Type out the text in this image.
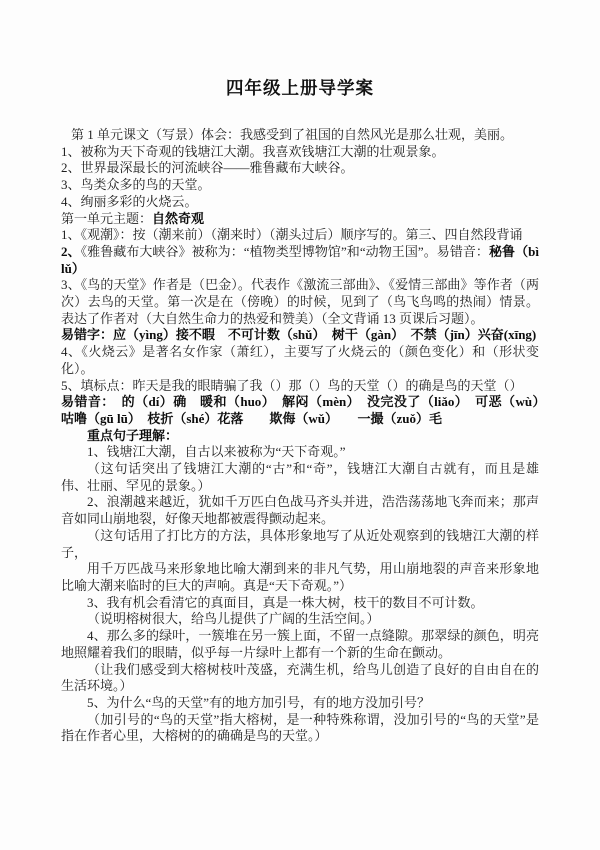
四年级上册导学案

第 1 单元课文（写景）体会：我感受到了祖国的自然风光是那么壮观，美丽。

1、被称为天下奇观的钱塘江大潮。我喜欢钱塘江大潮的壮观景象。

2、世界最深最长的河流峡谷——雅鲁藏布大峡谷。

3、鸟类众多的鸟的天堂。

4、绚丽多彩的火烧云。

第一单元主题：自然奇观

1、《观潮》：按（潮来前）（潮来时）（潮头过后）顺序写的。第三、四自然段背诵

2、《雅鲁藏布大峡谷》被称为：“植物类型博物馆”和“动物王国”。易错音：秘鲁（bì lǔ）

3、《鸟的天堂》作者是（巴金）。代表作《激流三部曲》、《爱情三部曲》等作者（两次）去鸟的天堂。第一次是在（傍晚）的时候，见到了（鸟飞鸟鸣的热闹）情景。表达了作者对（大自然生命力的热爱和赞美）（全文背诵 13 页课后习题）。

易错字：应（yìng）接不暇　不可计数（shǔ）　树干（gàn）　不禁（jīn）兴奋(xīng)

4、《火烧云》是著名女作家（萧红），主要写了火烧云的（颜色变化）和（形状变化）。

5、填标点：昨天是我的眼睛骗了我（）那（）鸟的天堂（）的确是鸟的天堂（）

易错音：　的（dí）确　暖和（huo）　解闷（mèn）　没完没了（liǎo）　可恶（wù）　咕噜（gū lū）　枝折（shé）花落　　欺侮（wǔ）　　一撮（zuǒ）毛

重点句子理解：

1、钱塘江大潮，自古以来被称为“天下奇观。”

（这句话突出了钱塘江大潮的“古”和“奇”，钱塘江大潮自古就有，而且是雄伟、壮丽、罕见的景象。）

2、浪潮越来越近，犹如千万匹白色战马齐头并进，浩浩荡荡地飞奔而来；那声音如同山崩地裂，好像天地都被震得颤动起来。

（这句话用了打比方的方法，具体形象地写了从近处观察到的钱塘江大潮的样子，

用千万匹战马来形象地比喻大潮到来的非凡气势，用山崩地裂的声音来形象地比喻大潮来临时的巨大的声响。真是“天下奇观。”）

3、我有机会看清它的真面目，真是一株大树，枝干的数目不可计数。

（说明榕树很大，给鸟儿提供了广阔的生活空间。）

4、那么多的绿叶，一簇堆在另一簇上面，不留一点缝隙。那翠绿的颜色，明亮地照耀着我们的眼睛，似乎每一片绿叶上都有一个新的生命在颤动。

（让我们感受到大榕树枝叶茂盛，充满生机，给鸟儿创造了良好的自由自在的生活环境。）

5、为什么“鸟的天堂”有的地方加引号，有的地方没加引号？

（加引号的“鸟的天堂”指大榕树，是一种特殊称谓，没加引号的“鸟的天堂”是指在作者心里，大榕树的的确确是鸟的天堂。）
